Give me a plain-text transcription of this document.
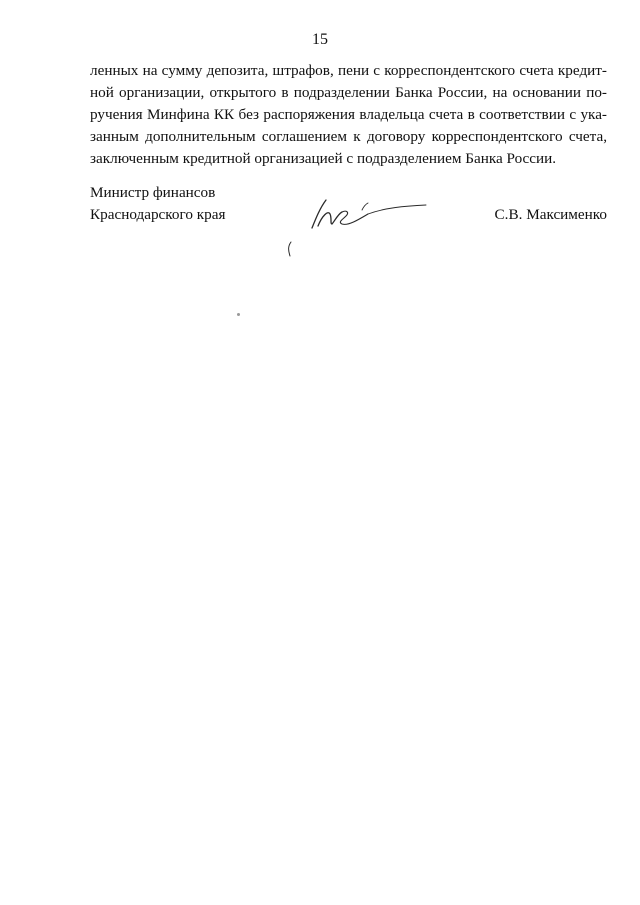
15

ленных на сумму депозита, штрафов, пени с корреспондентского счета кредит-
ной организации, открытого в подразделении Банка России, на основании по-
ручения Минфина КК без распоряжения владельца счета в соответствии с ука-
занным дополнительным соглашением к договору корреспондентского счета,
заключенным кредитной организацией с подразделением Банка России.

Министр финансов
Краснодарского края	С.В. Максименко
